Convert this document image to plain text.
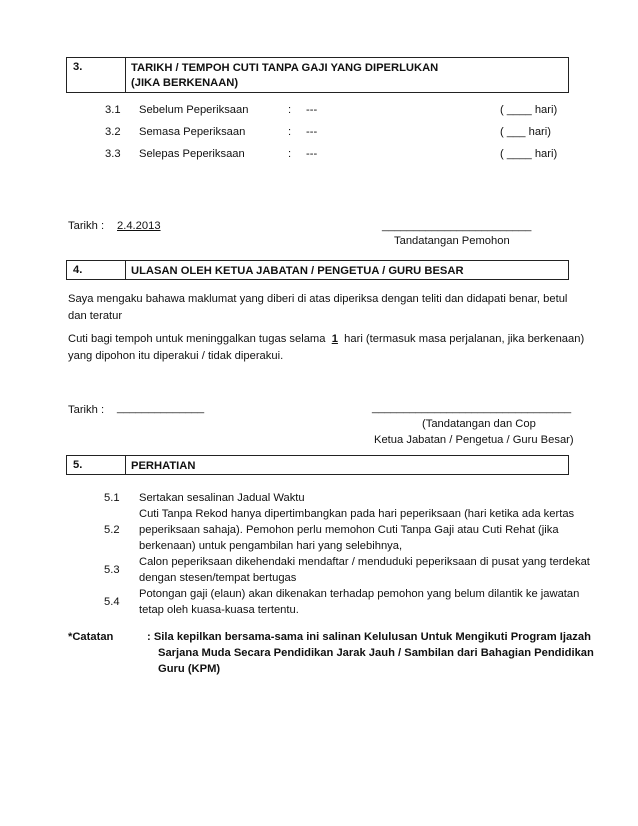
3.	TARIKH / TEMPOH CUTI TANPA GAJI YANG DIPERLUKAN
(JIKA BERKENAAN)
3.1 Sebelum Peperiksaan	: ---	( ____ hari)
3.2 Semasa Peperiksaan	: ---	( ___ hari)
3.3 Selepas Peperiksaan	: ---	( ____ hari)
Tarikh : 2.4.2013	________________________
Tandatangan Pemohon
4.	ULASAN OLEH KETUA JABATAN / PENGETUA / GURU BESAR
Saya mengaku bahawa maklumat yang diberi di atas diperiksa dengan teliti dan didapati benar, betul
dan teratur
Cuti bagi tempoh untuk meninggalkan tugas selama 1 hari (termasuk masa perjalanan, jika berkenaan)
yang dipohon itu diperakui / tidak diperakui.
Tarikh : ______________	________________________________
(Tandatangan dan Cop
Ketua Jabatan / Pengetua / Guru Besar)
5.	PERHATIAN
5.1 Sertakan sesalinan Jadual Waktu
5.2
Cuti Tanpa Rekod hanya dipertimbangkan pada hari peperiksaan (hari ketika ada kertas
peperiksaan sahaja). Pemohon perlu memohon Cuti Tanpa Gaji atau Cuti Rehat (jika
berkenaan) untuk pengambilan hari yang selebihnya,
5.3
Calon peperiksaan dikehendaki mendaftar / menduduki peperiksaan di pusat yang terdekat
dengan stesen/tempat bertugas
5.4
Potongan gaji (elaun) akan dikenakan terhadap pemohon yang belum dilantik ke jawatan
tetap oleh kuasa-kuasa tertentu.
*Catatan	: Sila kepilkan bersama-sama ini salinan Kelulusan Untuk Mengikuti Program Ijazah
Sarjana Muda Secara Pendidikan Jarak Jauh / Sambilan dari Bahagian Pendidikan
Guru (KPM)
